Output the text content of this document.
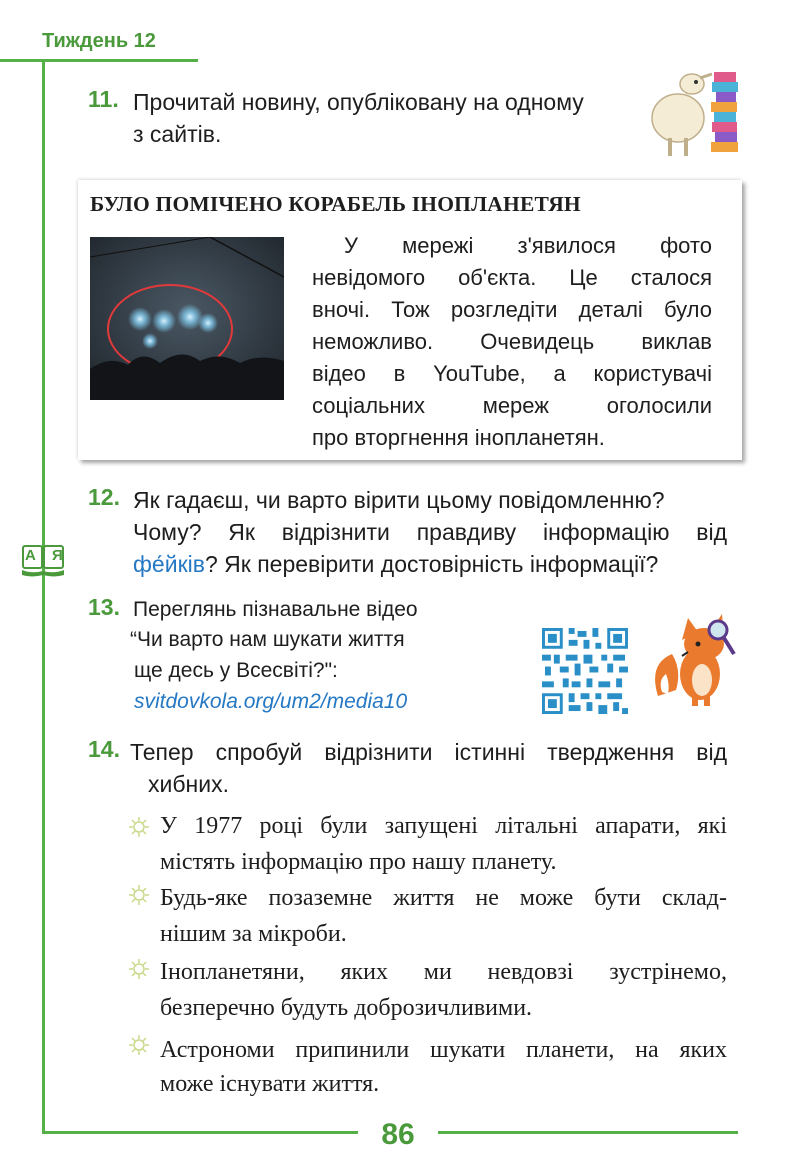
Тиждень 12
86
11. Прочитай новину, опубліковану на одному
з сайтів.
БУЛО ПОМІЧЕНО КОРАБЕЛЬ ІНОПЛАНЕТЯН
У мережі з'явилося фото
невідомого об'єкта. Це сталося
вночі. Тож розгледіти деталі було
неможливо. Очевидець виклав
відео в YouTube, а користувачі
соціальних мереж оголосили
про вторгнення інопланетян.
12. Як гадаєш, чи варто вірити цьому повідомленню?
Чому? Як відрізнити правдиву інформацію від
фе́йків? Як перевірити достовірність інформації?
А Я
13. Переглянь пізнавальне відео
“Чи варто нам шукати життя
ще десь у Всесвіті?":
svitdovkola.org/um2/media10
14. Тепер спробуй відрізнити істинні твердження від
хибних.
У 1977 році були запущені літальні апарати, які
містять інформацію про нашу планету.
Будь-яке позаземне життя не може бути склад-
нішим за мікроби.
Інопланетяни, яких ми невдовзі зустрінемо,
безперечно будуть доброзичливими.
Астрономи припинили шукати планети, на яких
може існувати життя.
